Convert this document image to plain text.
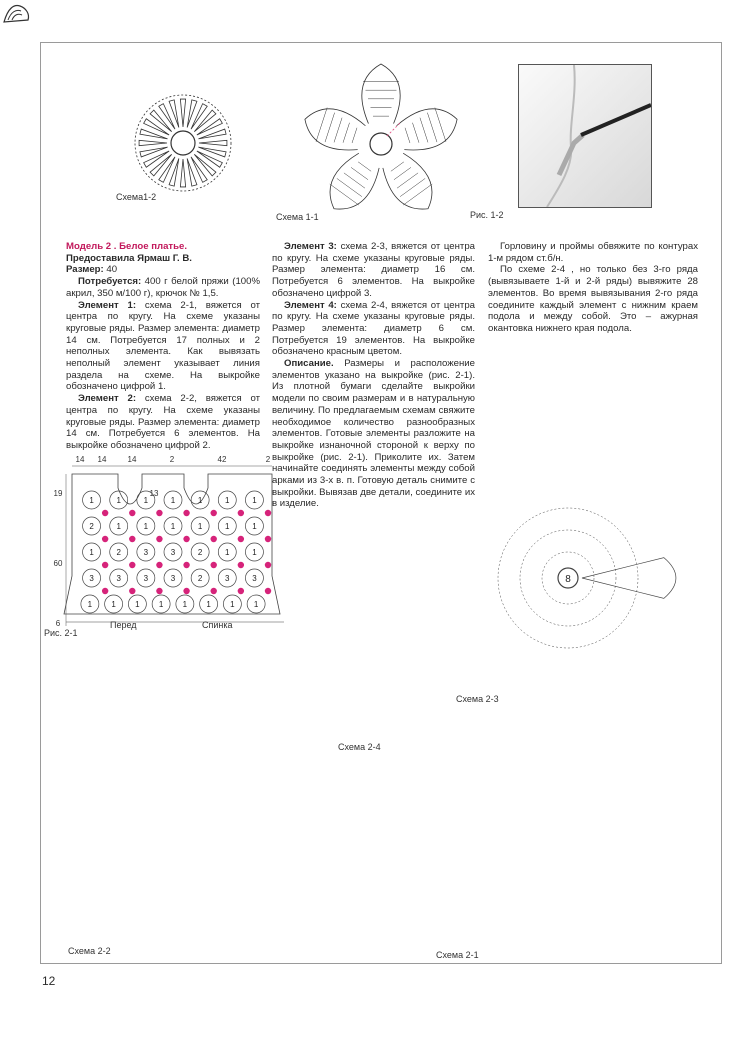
Схема1-2
Схема 1-1	Рис. 1-2

Модель 2 . Белое платье.

Предоставила Ярмаш Г. В.

Размер: 40

Потребуется: 400 г белой пряжи (100% акрил, 350 м/100 г), крючок № 1,5.

Элемент 1: схема 2-1, вяжется от центра по кругу. На схеме указаны круговые ряды. Размер элемента: диаметр 14 см. Потребуется 17 полных и 2 неполных элемента. Как вывязать неполный элемент указывает линия раздела на схеме. На выкройке обозначено цифрой 1.

Элемент 2: схема 2-2, вяжется от центра по кругу. На схеме указаны круговые ряды. Размер элемента: диаметр 14 см. Потребуется 6 элементов. На выкройке обозначено цифрой 2.

Элемент 3: схема 2-3, вяжется от центра по кругу. На схеме указаны круговые ряды. Размер элемента: диаметр 16 см. Потребуется 6 элементов. На выкройке обозначено цифрой 3.

Элемент 4: схема 2-4, вяжется от центра по кругу. На схеме указаны круговые ряды. Размер элемента: диаметр 6 см. Потребуется 19 элементов. На выкройке обозначено красным цветом.

Описание. Размеры и расположение элементов указано на выкройке (рис. 2-1). Из плотной бумаги сделайте выкройки модели по своим размерам и в натуральную величину. По предлагаемым схемам свяжите необходимое количество разнообразных элементов. Готовые элементы разложите на выкройке изнаночной стороной к верху по выкройке (рис. 2-1). Приколите их. Затем начинайте соединять элементы между собой арками из 3-х в. п. Готовую деталь снимите с выкройки. Вывязав две детали, соедините их в изделие.

Горловину и проймы обвяжите по контурах 1-м рядом ст.б/н.

По схеме 2-4 , но только без 3-го ряда (вывязываете 1-й и 2-й ряды) вывяжите 28 элементов. Во время вывязывания 2-го ряда соедините каждый элемент с нижним краем подола и между собой. Это – ажурная окантовка нижнего края подола.

14 14	14	2	42	2
19
60
6
13
1	1	1	1	1	1	1
2	1	1	1	1	1	1
1	2	3	3	2	1	1
3	3	3	3	2	3	3
1 1 1 1 1 1 1 1
Рис. 2-1
Перед	Спинка
8
Схема 2-3
Схема 2-4
Схема 2-2	Схема 2-1
12
